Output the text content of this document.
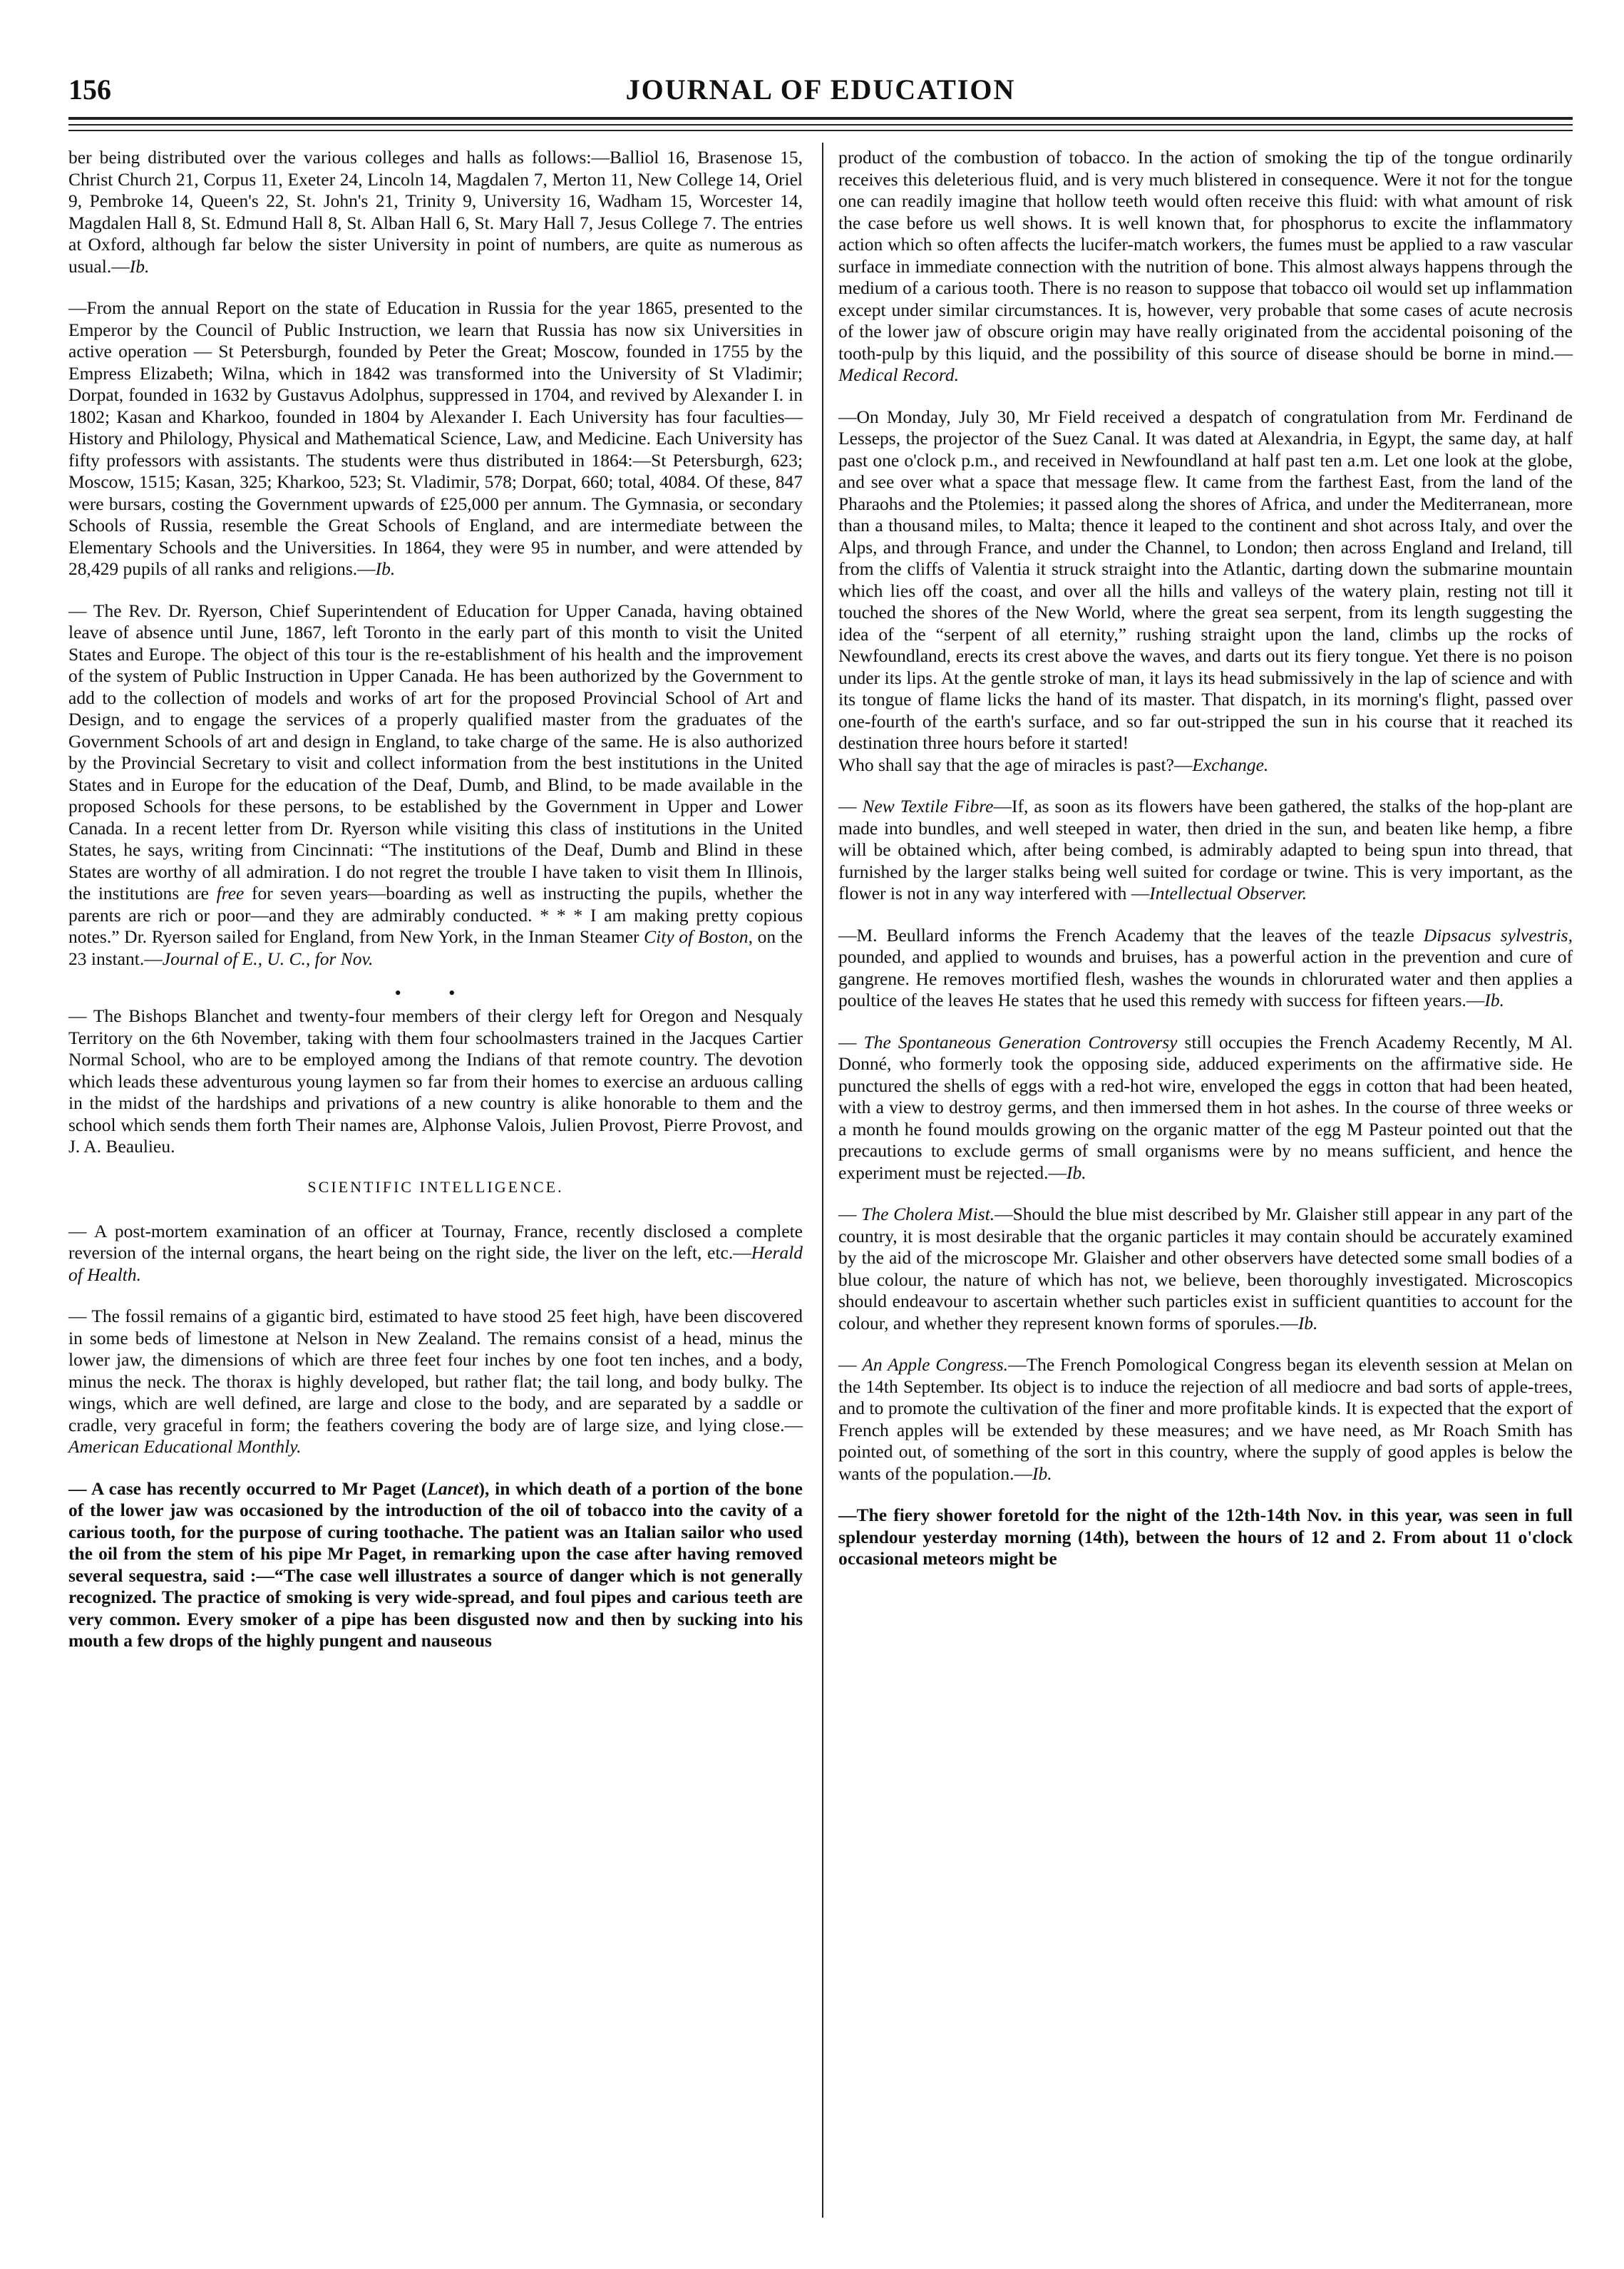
156	JOURNAL OF EDUCATION

ber being distributed over the various colleges and halls as follows:—Balliol 16, Brasenose 15, Christ Church 21, Corpus 11, Exeter 24, Lincoln 14, Magdalen 7, Merton 11, New College 14, Oriel 9, Pembroke 14, Queen's 22, St. John's 21, Trinity 9, University 16, Wadham 15, Worcester 14, Magdalen Hall 8, St. Edmund Hall 8, St. Alban Hall 6, St. Mary Hall 7, Jesus College 7. The entries at Oxford, although far below the sister University in point of numbers, are quite as numerous as usual.—Ib.

—From the annual Report on the state of Education in Russia for the year 1865, presented to the Emperor by the Council of Public Instruction, we learn that Russia has now six Universities in active operation — St Petersburgh, founded by Peter the Great; Moscow, founded in 1755 by the Empress Elizabeth; Wilna, which in 1842 was transformed into the University of St Vladimir; Dorpat, founded in 1632 by Gustavus Adolphus, suppressed in 1704, and revived by Alexander I. in 1802; Kasan and Kharkoo, founded in 1804 by Alexander I. Each University has four faculties—History and Philology, Physical and Mathematical Science, Law, and Medicine. Each University has fifty professors with assistants. The students were thus distributed in 1864:—St Petersburgh, 623; Moscow, 1515; Kasan, 325; Kharkoo, 523; St. Vladimir, 578; Dorpat, 660; total, 4084. Of these, 847 were bursars, costing the Government upwards of £25,000 per annum. The Gymnasia, or secondary Schools of Russia, resemble the Great Schools of England, and are intermediate between the Elementary Schools and the Universities. In 1864, they were 95 in number, and were attended by 28,429 pupils of all ranks and religions.—Ib.

— The Rev. Dr. Ryerson, Chief Superintendent of Education for Upper Canada, having obtained leave of absence until June, 1867, left Toronto in the early part of this month to visit the United States and Europe. The object of this tour is the re-establishment of his health and the improvement of the system of Public Instruction in Upper Canada. He has been authorized by the Government to add to the collection of models and works of art for the proposed Provincial School of Art and Design, and to engage the services of a properly qualified master from the graduates of the Government Schools of art and design in England, to take charge of the same. He is also authorized by the Provincial Secretary to visit and collect information from the best institutions in the United States and in Europe for the education of the Deaf, Dumb, and Blind, to be made available in the proposed Schools for these persons, to be established by the Government in Upper and Lower Canada. In a recent letter from Dr. Ryerson while visiting this class of institutions in the United States, he says, writing from Cincinnati: “The institutions of the Deaf, Dumb and Blind in these States are worthy of all admiration. I do not regret the trouble I have taken to visit them In Illinois, the institutions are free for seven years—boarding as well as instructing the pupils, whether the parents are rich or poor—and they are admirably conducted. * * * I am making pretty copious notes.” Dr. Ryerson sailed for England, from New York, in the Inman Steamer City of Boston, on the 23 instant.—Journal of E., U. C., for Nov.

• •

— The Bishops Blanchet and twenty-four members of their clergy left for Oregon and Nesqualy Territory on the 6th November, taking with them four schoolmasters trained in the Jacques Cartier Normal School, who are to be employed among the Indians of that remote country. The devotion which leads these adventurous young laymen so far from their homes to exercise an arduous calling in the midst of the hardships and privations of a new country is alike honorable to them and the school which sends them forth Their names are, Alphonse Valois, Julien Provost, Pierre Provost, and J. A. Beaulieu.

SCIENTIFIC INTELLIGENCE.

— A post-mortem examination of an officer at Tournay, France, recently disclosed a complete reversion of the internal organs, the heart being on the right side, the liver on the left, etc.—Herald of Health.

— The fossil remains of a gigantic bird, estimated to have stood 25 feet high, have been discovered in some beds of limestone at Nelson in New Zealand. The remains consist of a head, minus the lower jaw, the dimensions of which are three feet four inches by one foot ten inches, and a body, minus the neck. The thorax is highly developed, but rather flat; the tail long, and body bulky. The wings, which are well defined, are large and close to the body, and are separated by a saddle or cradle, very graceful in form; the feathers covering the body are of large size, and lying close.—American Educational Monthly.

— A case has recently occurred to Mr Paget (Lancet), in which death of a portion of the bone of the lower jaw was occasioned by the introduction of the oil of tobacco into the cavity of a carious tooth, for the purpose of curing toothache. The patient was an Italian sailor who used the oil from the stem of his pipe Mr Paget, in remarking upon the case after having removed several sequestra, said :—“The case well illustrates a source of danger which is not generally recognized. The practice of smoking is very wide-spread, and foul pipes and carious teeth are very common. Every smoker of a pipe has been disgusted now and then by sucking into his mouth a few drops of the highly pungent and nauseous

product of the combustion of tobacco. In the action of smoking the tip of the tongue ordinarily receives this deleterious fluid, and is very much blistered in consequence. Were it not for the tongue one can readily imagine that hollow teeth would often receive this fluid: with what amount of risk the case before us well shows. It is well known that, for phosphorus to excite the inflammatory action which so often affects the lucifer-match workers, the fumes must be applied to a raw vascular surface in immediate connection with the nutrition of bone. This almost always happens through the medium of a carious tooth. There is no reason to suppose that tobacco oil would set up inflammation except under similar circumstances. It is, however, very probable that some cases of acute necrosis of the lower jaw of obscure origin may have really originated from the accidental poisoning of the tooth-pulp by this liquid, and the possibility of this source of disease should be borne in mind.—Medical Record.

—On Monday, July 30, Mr Field received a despatch of congratulation from Mr. Ferdinand de Lesseps, the projector of the Suez Canal. It was dated at Alexandria, in Egypt, the same day, at half past one o'clock p.m., and received in Newfoundland at half past ten a.m. Let one look at the globe, and see over what a space that message flew. It came from the farthest East, from the land of the Pharaohs and the Ptolemies; it passed along the shores of Africa, and under the Mediterranean, more than a thousand miles, to Malta; thence it leaped to the continent and shot across Italy, and over the Alps, and through France, and under the Channel, to London; then across England and Ireland, till from the cliffs of Valentia it struck straight into the Atlantic, darting down the submarine mountain which lies off the coast, and over all the hills and valleys of the watery plain, resting not till it touched the shores of the New World, where the great sea serpent, from its length suggesting the idea of the “serpent of all eternity,” rushing straight upon the land, climbs up the rocks of Newfoundland, erects its crest above the waves, and darts out its fiery tongue. Yet there is no poison under its lips. At the gentle stroke of man, it lays its head submissively in the lap of science and with its tongue of flame licks the hand of its master. That dispatch, in its morning's flight, passed over one-fourth of the earth's surface, and so far out-stripped the sun in his course that it reached its destination three hours before it started!
Who shall say that the age of miracles is past?—Exchange.

— New Textile Fibre—If, as soon as its flowers have been gathered, the stalks of the hop-plant are made into bundles, and well steeped in water, then dried in the sun, and beaten like hemp, a fibre will be obtained which, after being combed, is admirably adapted to being spun into thread, that furnished by the larger stalks being well suited for cordage or twine. This is very important, as the flower is not in any way interfered with —Intellectual Observer.

—M. Beullard informs the French Academy that the leaves of the teazle Dipsacus sylvestris, pounded, and applied to wounds and bruises, has a powerful action in the prevention and cure of gangrene. He removes mortified flesh, washes the wounds in chlorurated water and then applies a poultice of the leaves He states that he used this remedy with success for fifteen years.—Ib.

— The Spontaneous Generation Controversy still occupies the French Academy Recently, M Al. Donné, who formerly took the opposing side, adduced experiments on the affirmative side. He punctured the shells of eggs with a red-hot wire, enveloped the eggs in cotton that had been heated, with a view to destroy germs, and then immersed them in hot ashes. In the course of three weeks or a month he found moulds growing on the organic matter of the egg M Pasteur pointed out that the precautions to exclude germs of small organisms were by no means sufficient, and hence the experiment must be rejected.—Ib.

— The Cholera Mist.—Should the blue mist described by Mr. Glaisher still appear in any part of the country, it is most desirable that the organic particles it may contain should be accurately examined by the aid of the microscope Mr. Glaisher and other observers have detected some small bodies of a blue colour, the nature of which has not, we believe, been thoroughly investigated. Microscopics should endeavour to ascertain whether such particles exist in sufficient quantities to account for the colour, and whether they represent known forms of sporules.—Ib.

— An Apple Congress.—The French Pomological Congress began its eleventh session at Melan on the 14th September. Its object is to induce the rejection of all mediocre and bad sorts of apple-trees, and to promote the cultivation of the finer and more profitable kinds. It is expected that the export of French apples will be extended by these measures; and we have need, as Mr Roach Smith has pointed out, of something of the sort in this country, where the supply of good apples is below the wants of the population.—Ib.

—The fiery shower foretold for the night of the 12th-14th Nov. in this year, was seen in full splendour yesterday morning (14th), between the hours of 12 and 2. From about 11 o'clock occasional meteors might be
